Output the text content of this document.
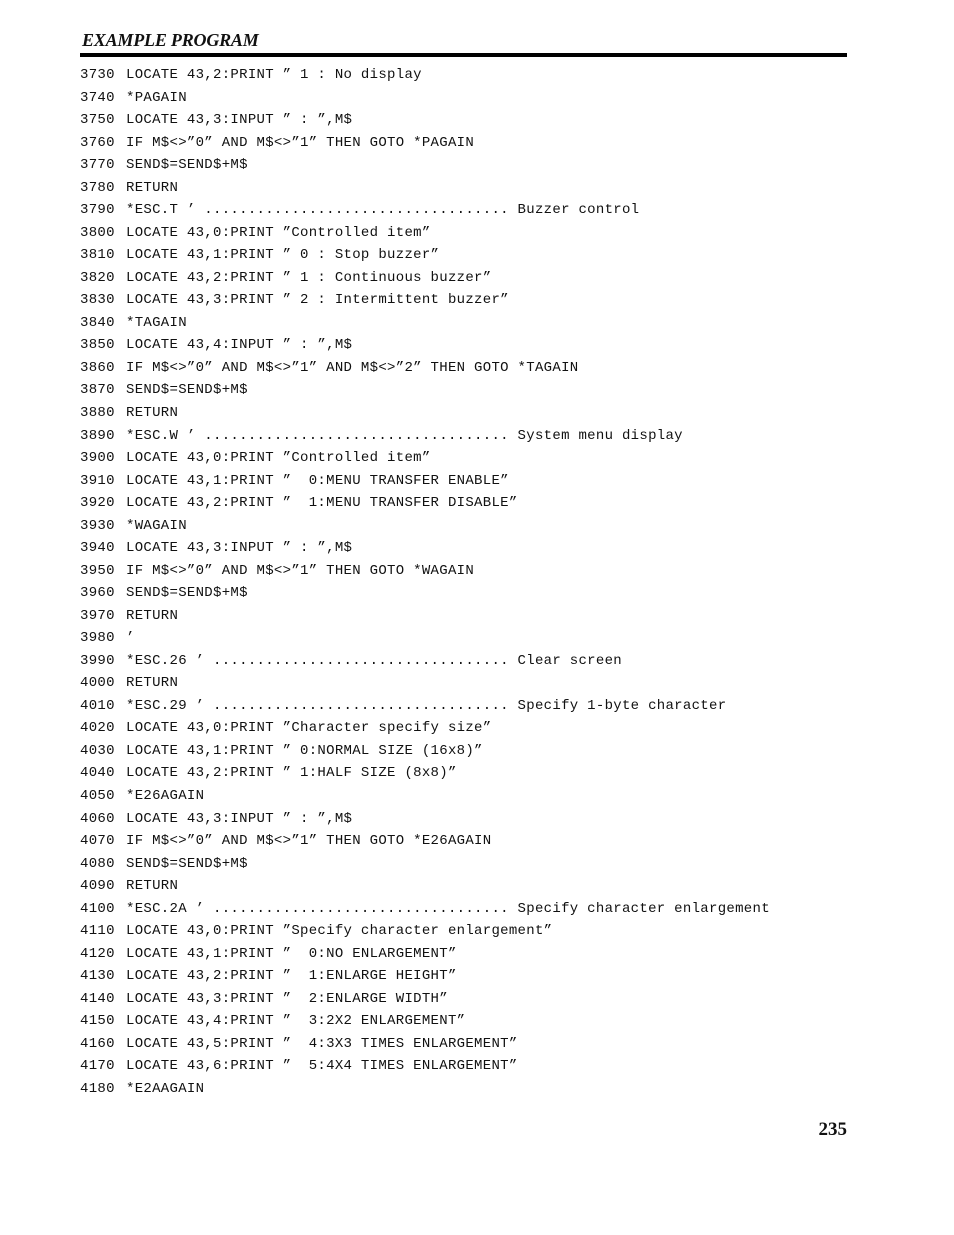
EXAMPLE PROGRAM
3730 LOCATE 43,2:PRINT ” 1 : No display
3740 *PAGAIN
3750 LOCATE 43,3:INPUT ” : ”,M$
3760 IF M$<>”0” AND M$<>”1” THEN GOTO *PAGAIN
3770 SEND$=SEND$+M$
3780 RETURN
3790 *ESC.T ’ ................................... Buzzer control
3800 LOCATE 43,0:PRINT ”Controlled item”
3810 LOCATE 43,1:PRINT ” 0 : Stop buzzer”
3820 LOCATE 43,2:PRINT ” 1 : Continuous buzzer”
3830 LOCATE 43,3:PRINT ” 2 : Intermittent buzzer”
3840 *TAGAIN
3850 LOCATE 43,4:INPUT ” : ”,M$
3860 IF M$<>”0” AND M$<>”1” AND M$<>”2” THEN GOTO *TAGAIN
3870 SEND$=SEND$+M$
3880 RETURN
3890 *ESC.W ’ ................................... System menu display
3900 LOCATE 43,0:PRINT ”Controlled item”
3910 LOCATE 43,1:PRINT ”  0:MENU TRANSFER ENABLE”
3920 LOCATE 43,2:PRINT ”  1:MENU TRANSFER DISABLE”
3930 *WAGAIN
3940 LOCATE 43,3:INPUT ” : ”,M$
3950 IF M$<>”0” AND M$<>”1” THEN GOTO *WAGAIN
3960 SEND$=SEND$+M$
3970 RETURN
3980 ’
3990 *ESC.26 ’ .................................. Clear screen
4000 RETURN
4010 *ESC.29 ’ .................................. Specify 1-byte character
4020 LOCATE 43,0:PRINT ”Character specify size”
4030 LOCATE 43,1:PRINT ” 0:NORMAL SIZE (16x8)”
4040 LOCATE 43,2:PRINT ” 1:HALF SIZE (8x8)”
4050 *E26AGAIN
4060 LOCATE 43,3:INPUT ” : ”,M$
4070 IF M$<>”0” AND M$<>”1” THEN GOTO *E26AGAIN
4080 SEND$=SEND$+M$
4090 RETURN
4100 *ESC.2A ’ .................................. Specify character enlargement
4110 LOCATE 43,0:PRINT ”Specify character enlargement”
4120 LOCATE 43,1:PRINT ”  0:NO ENLARGEMENT”
4130 LOCATE 43,2:PRINT ”  1:ENLARGE HEIGHT”
4140 LOCATE 43,3:PRINT ”  2:ENLARGE WIDTH”
4150 LOCATE 43,4:PRINT ”  3:2X2 ENLARGEMENT”
4160 LOCATE 43,5:PRINT ”  4:3X3 TIMES ENLARGEMENT”
4170 LOCATE 43,6:PRINT ”  5:4X4 TIMES ENLARGEMENT”
4180 *E2AAGAIN
235
